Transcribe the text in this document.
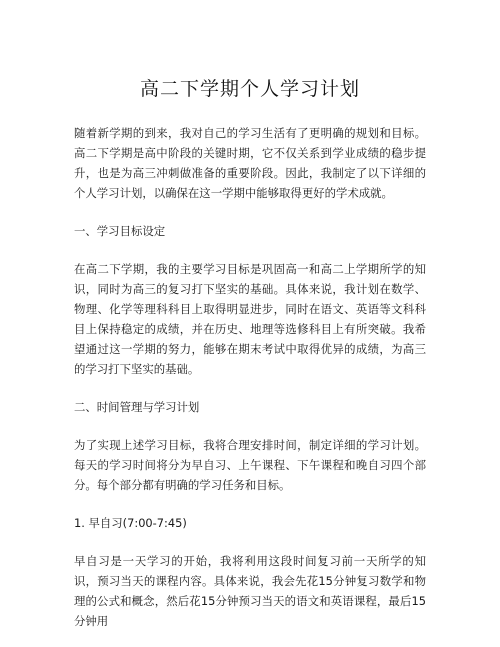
高二下学期个人学习计划

随着新学期的到来，我对自己的学习生活有了更明确的规划和目标。高二下学期是高中阶段的关键时期，它不仅关系到学业成绩的稳步提升，也是为高三冲刺做准备的重要阶段。因此，我制定了以下详细的个人学习计划，以确保在这一学期中能够取得更好的学术成就。

一、学习目标设定

在高二下学期，我的主要学习目标是巩固高一和高二上学期所学的知识，同时为高三的复习打下坚实的基础。具体来说，我计划在数学、物理、化学等理科科目上取得明显进步，同时在语文、英语等文科科目上保持稳定的成绩，并在历史、地理等选修科目上有所突破。我希望通过这一学期的努力，能够在期末考试中取得优异的成绩，为高三的学习打下坚实的基础。

二、时间管理与学习计划

为了实现上述学习目标，我将合理安排时间，制定详细的学习计划。每天的学习时间将分为早自习、上午课程、下午课程和晚自习四个部分。每个部分都有明确的学习任务和目标。

1. 早自习(7:00-7:45)

早自习是一天学习的开始，我将利用这段时间复习前一天所学的知识，预习当天的课程内容。具体来说，我会先花15分钟复习数学和物理的公式和概念，然后花15分钟预习当天的语文和英语课程，最后15分钟用
